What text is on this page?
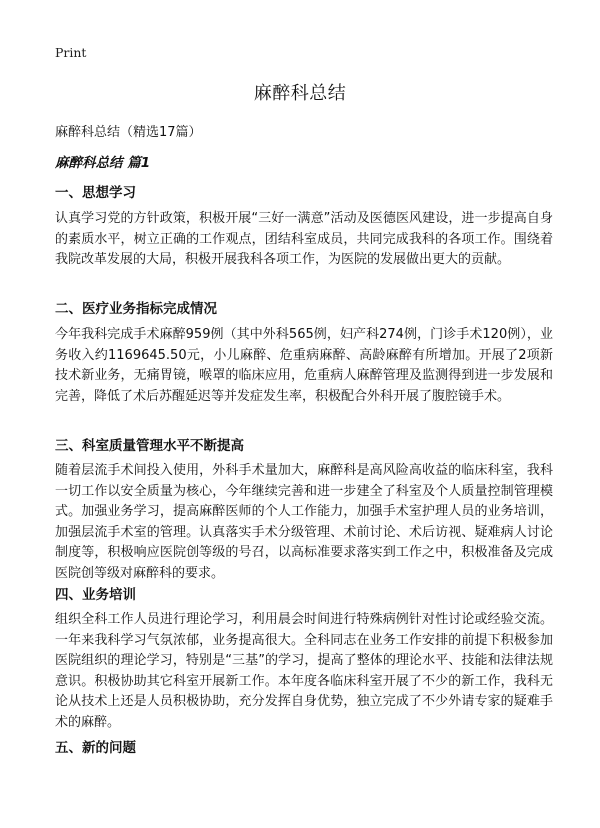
Print
麻醉科总结
麻醉科总结（精选17篇）
麻醉科总结 篇1
一、思想学习
认真学习党的方针政策，积极开展“三好一满意”活动及医德医风建设，进一步提高自身的素质水平，树立正确的工作观点，团结科室成员，共同完成我科的各项工作。围绕着我院改革发展的大局，积极开展我科各项工作，为医院的发展做出更大的贡献。
二、医疗业务指标完成情况
今年我科完成手术麻醉959例（其中外科565例，妇产科274例，门诊手术120例），业务收入约1169645.50元，小儿麻醉、危重病麻醉、高龄麻醉有所增加。开展了2项新技术新业务，无痛胃镜，喉罩的临床应用，危重病人麻醉管理及监测得到进一步发展和完善，降低了术后苏醒延迟等并发症发生率，积极配合外科开展了腹腔镜手术。
三、科室质量管理水平不断提高
随着层流手术间投入使用，外科手术量加大，麻醉科是高风险高收益的临床科室，我科一切工作以安全质量为核心，今年继续完善和进一步建全了科室及个人质量控制管理模式。加强业务学习，提高麻醉医师的个人工作能力，加强手术室护理人员的业务培训，加强层流手术室的管理。认真落实手术分级管理、术前讨论、术后访视、疑难病人讨论制度等，积极响应医院创等级的号召，以高标准要求落实到工作之中，积极准备及完成医院创等级对麻醉科的要求。
四、业务培训
组织全科工作人员进行理论学习，利用晨会时间进行特殊病例针对性讨论或经验交流。一年来我科学习气氛浓郁，业务提高很大。全科同志在业务工作安排的前提下积极参加医院组织的理论学习，特别是“三基”的学习，提高了整体的理论水平、技能和法律法规意识。积极协助其它科室开展新工作。本年度各临床科室开展了不少的新工作，我科无论从技术上还是人员积极协助，充分发挥自身优势，独立完成了不少外请专家的疑难手术的麻醉。
五、新的问题
